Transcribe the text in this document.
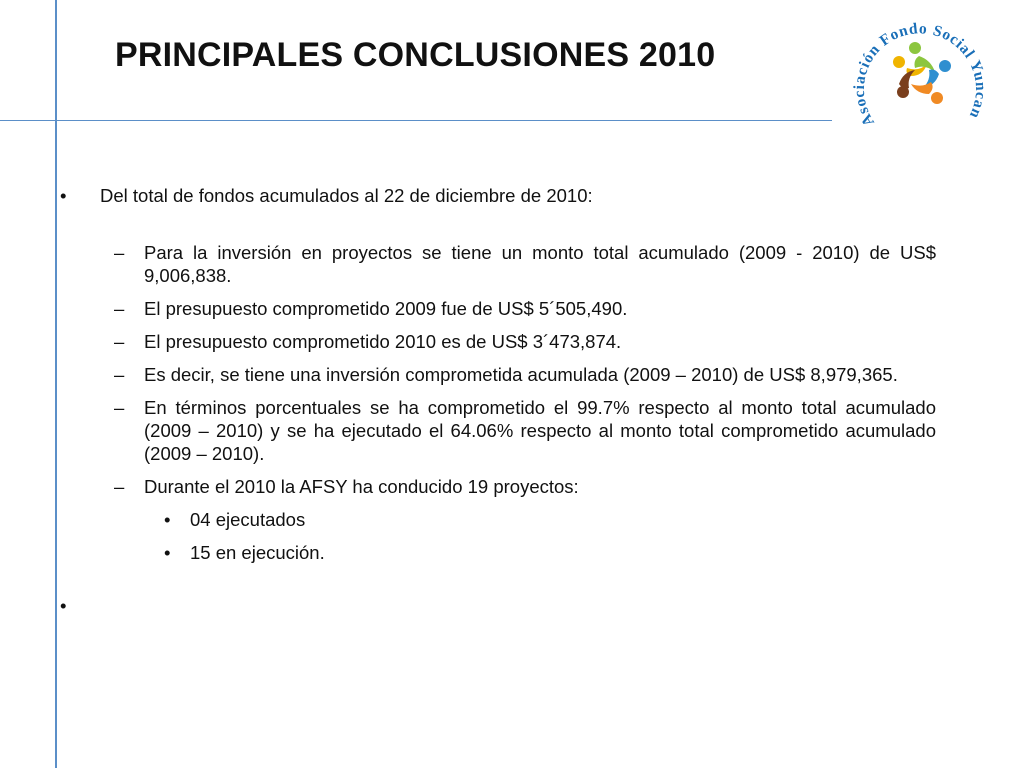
PRINCIPALES CONCLUSIONES 2010
Asociación Fondo Social Yuncan
•	Del total de fondos acumulados al 22 de diciembre de 2010:
– Para la inversión en proyectos se tiene un monto total acumulado (2009 - 2010) de US$ 9,006,838.
– El presupuesto comprometido 2009 fue de US$ 5´505,490.
– El presupuesto comprometido 2010 es de US$ 3´473,874.
– Es decir, se tiene una inversión comprometida acumulada (2009 – 2010) de US$ 8,979,365.
– En términos porcentuales se ha comprometido el 99.7% respecto al monto total acumulado (2009 – 2010) y se ha ejecutado el 64.06% respecto al monto total comprometido acumulado (2009 – 2010).
– Durante el 2010 la AFSY ha conducido 19 proyectos:
• 04 ejecutados
• 15 en ejecución.
•
